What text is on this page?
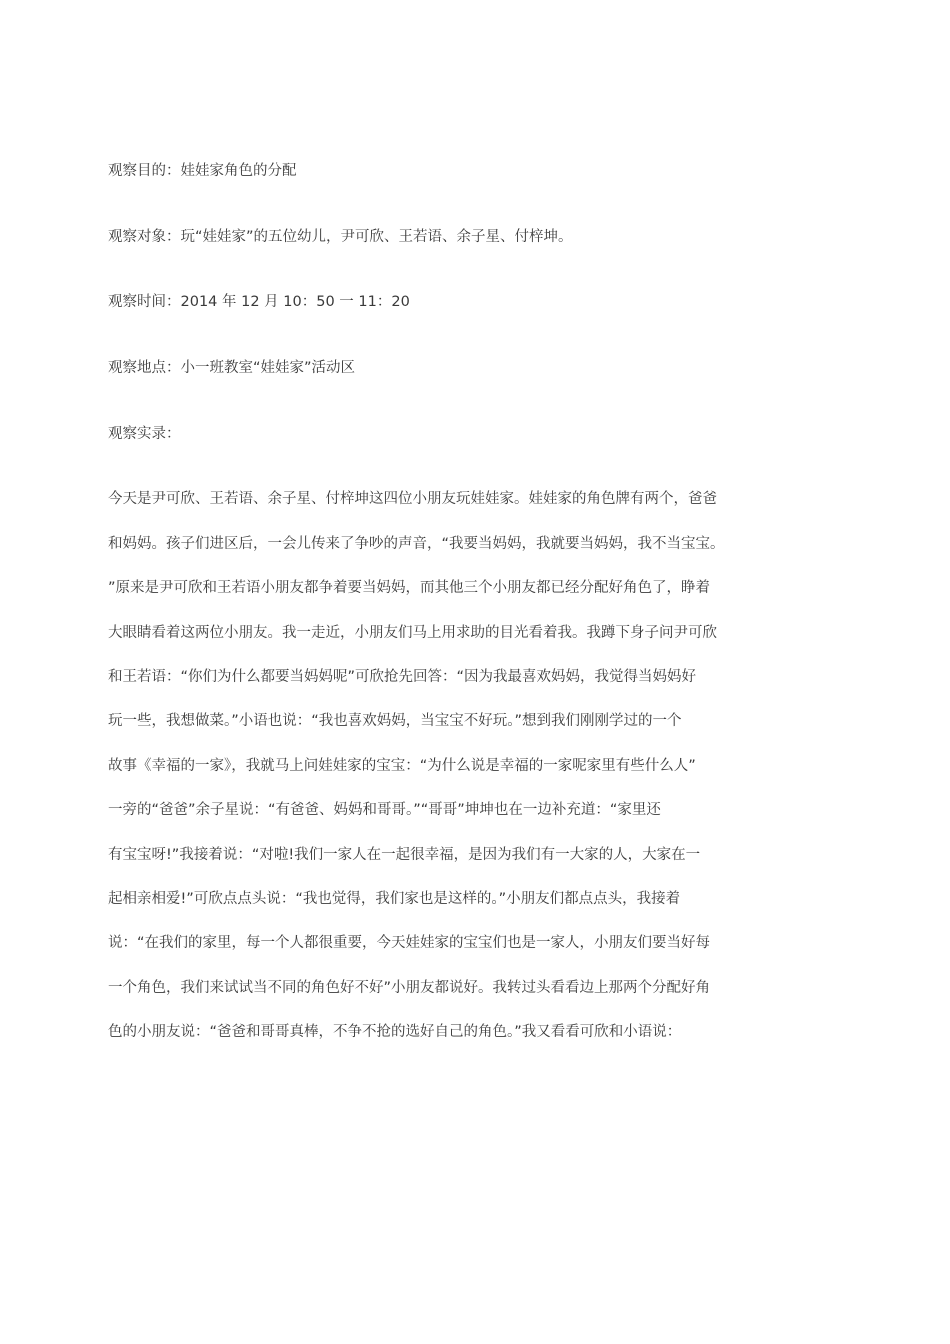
观察目的：娃娃家角色的分配
观察对象：玩“娃娃家”的五位幼儿，尹可欣、王若语、余子星、付梓坤。
观察时间：2014 年 12 月 10：50 一 11：20
观察地点：小一班教室“娃娃家”活动区
观察实录：
今天是尹可欣、王若语、余子星、付梓坤这四位小朋友玩娃娃家。娃娃家的角色牌有两个，爸爸
和妈妈。孩子们进区后，一会儿传来了争吵的声音，“我要当妈妈，我就要当妈妈，我不当宝宝。
”原来是尹可欣和王若语小朋友都争着要当妈妈，而其他三个小朋友都已经分配好角色了，睁着
大眼睛看着这两位小朋友。我一走近，小朋友们马上用求助的目光看着我。我蹲下身子问尹可欣
和王若语：“你们为什么都要当妈妈呢”可欣抢先回答：“因为我最喜欢妈妈，我觉得当妈妈好
玩一些，我想做菜。”小语也说：“我也喜欢妈妈，当宝宝不好玩。”想到我们刚刚学过的一个
故事《幸福的一家》，我就马上问娃娃家的宝宝：“为什么说是幸福的一家呢家里有些什么人”
一旁的“爸爸”余子星说：“有爸爸、妈妈和哥哥。”“哥哥”坤坤也在一边补充道：“家里还
有宝宝呀!”我接着说：“对啦!我们一家人在一起很幸福，是因为我们有一大家的人，大家在一
起相亲相爱!”可欣点点头说：“我也觉得，我们家也是这样的。”小朋友们都点点头，我接着
说：“在我们的家里，每一个人都很重要，今天娃娃家的宝宝们也是一家人，小朋友们要当好每
一个角色，我们来试试当不同的角色好不好”小朋友都说好。我转过头看看边上那两个分配好角
色的小朋友说：“爸爸和哥哥真棒，不争不抢的选好自己的角色。”我又看看可欣和小语说：
